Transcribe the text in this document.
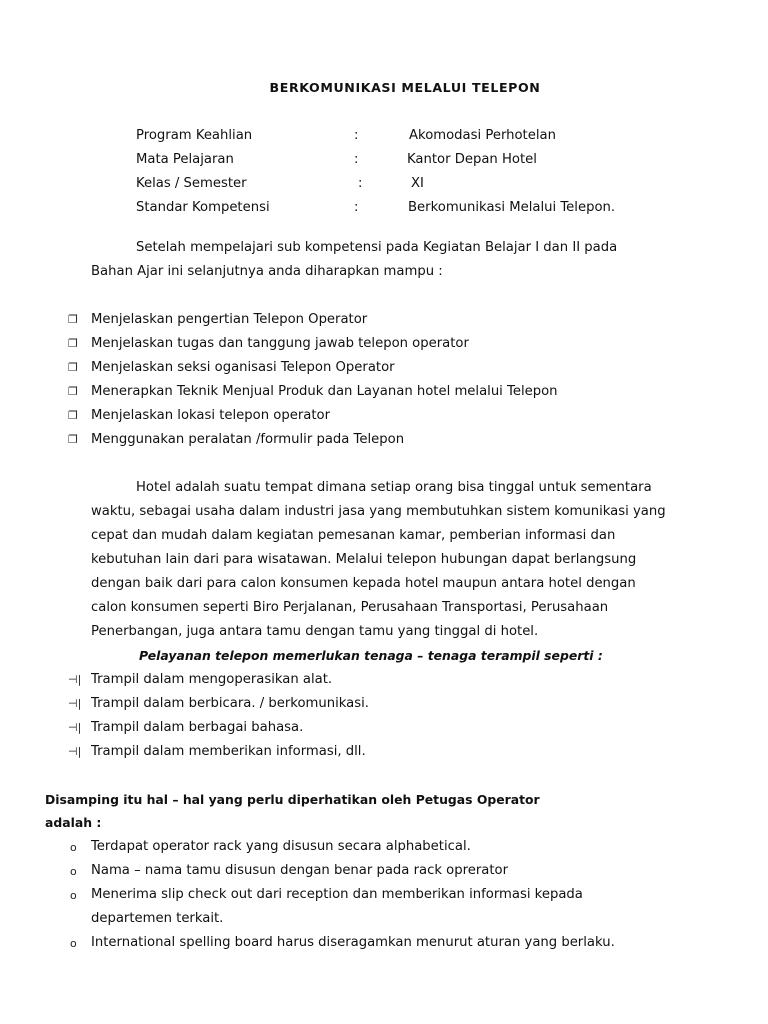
BERKOMUNIKASI MELALUI TELEPON
Program Keahlian	:	Akomodasi Perhotelan
Mata Pelajaran	:	Kantor Depan Hotel
Kelas / Semester	:	XI
Standar Kompetensi	:	Berkomunikasi Melalui Telepon.
Setelah mempelajari sub kompetensi pada Kegiatan Belajar I dan II pada
Bahan Ajar ini selanjutnya anda diharapkan mampu :
❐ Menjelaskan pengertian Telepon Operator
❐ Menjelaskan tugas dan tanggung jawab telepon operator
❐ Menjelaskan seksi oganisasi Telepon Operator
❐ Menerapkan Teknik Menjual Produk dan Layanan hotel melalui Telepon
❐ Menjelaskan lokasi telepon operator
❐ Menggunakan peralatan /formulir pada Telepon
Hotel adalah suatu tempat dimana setiap orang bisa tinggal untuk sementara
waktu, sebagai usaha dalam industri jasa yang membutuhkan sistem komunikasi yang
cepat dan mudah dalam kegiatan pemesanan kamar, pemberian informasi dan
kebutuhan lain dari para wisatawan. Melalui telepon hubungan dapat berlangsung
dengan baik dari para calon konsumen kepada hotel maupun antara hotel dengan
calon konsumen seperti Biro Perjalanan, Perusahaan Transportasi, Perusahaan
Penerbangan, juga antara tamu dengan tamu yang tinggal di hotel.
Pelayanan telepon memerlukan tenaga – tenaga terampil seperti :
⊣| Trampil dalam mengoperasikan alat.
⊣| Trampil dalam berbicara. / berkomunikasi.
⊣| Trampil dalam berbagai bahasa.
⊣| Trampil dalam memberikan informasi, dll.
Disamping itu hal – hal yang perlu diperhatikan oleh Petugas Operator
adalah :
o Terdapat operator rack yang disusun secara alphabetical.
o Nama – nama tamu disusun dengan benar pada rack oprerator
o Menerima slip check out dari reception dan memberikan informasi kepada
departemen terkait.
o International spelling board harus diseragamkan menurut aturan yang berlaku.
